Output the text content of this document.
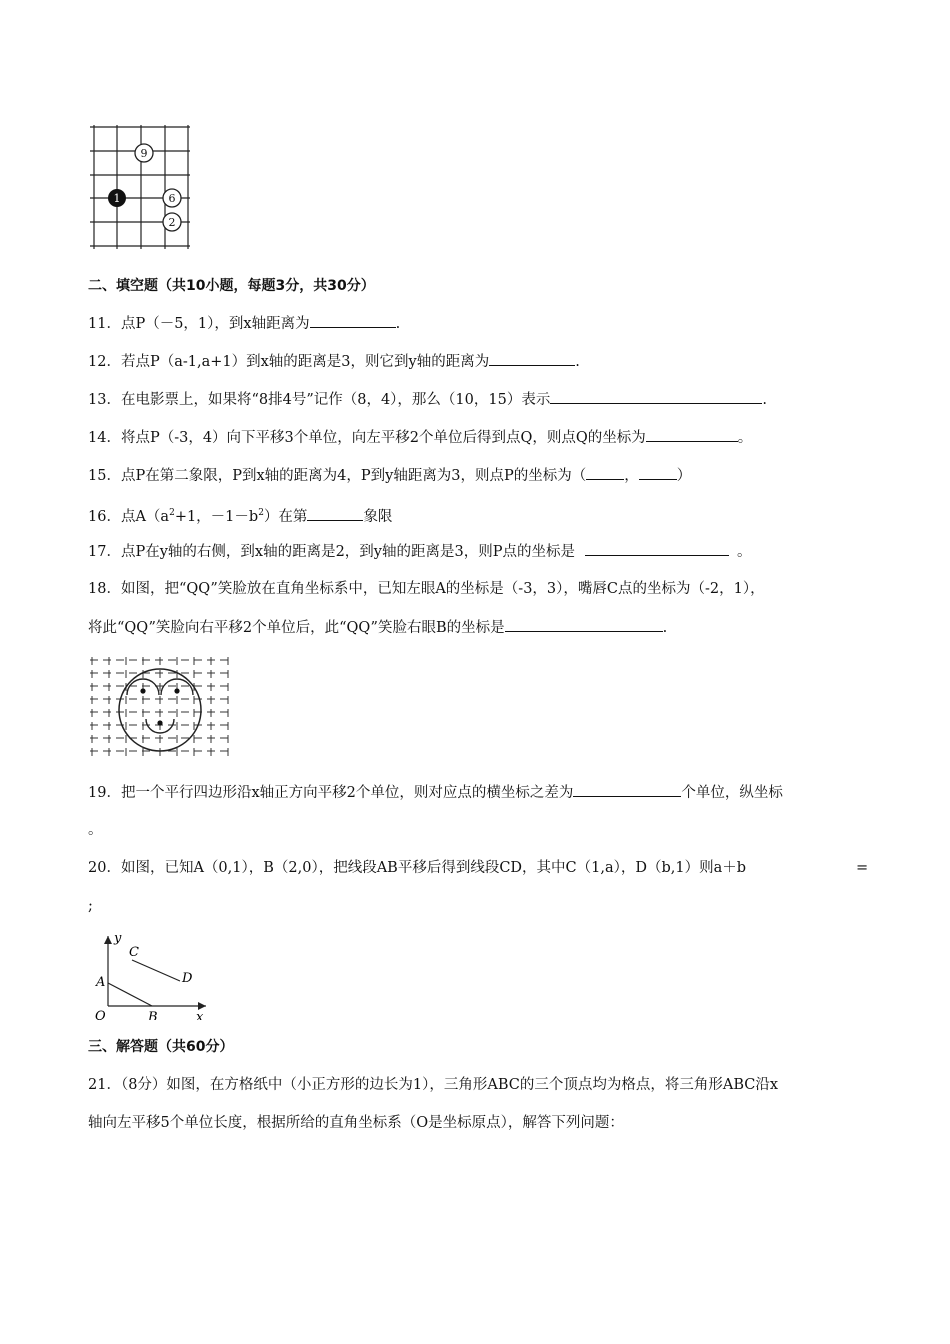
1
9
6
2
二、填空题（共10小题，每题3分，共30分）
11．点P（－5，1），到x轴距离为	.
12．若点P（a-1,a+1）到x轴的距离是3，则它到y轴的距离为	.
13．在电影票上，如果将“8排4号”记作（8，4），那么（10，15）表示	.
14．将点P（-3，4）向下平移3个单位，向左平移2个单位后得到点Q，则点Q的坐标为	。
15．点P在第二象限，P到x轴的距离为4，P到y轴距离为3，则点P的坐标为（	，	）
16．点$A(a^2+1$，$-1-b^2$）在第	象限
17．点P在y轴的右侧，到x轴的距离是2，到y轴的距离是3，则P点的坐标是	。
18．如图，把“QQ”笑脸放在直角坐标系中，已知左眼A的坐标是（-3，3），嘴唇C点的坐标为（-2，1），
将此“QQ”笑脸向右平移2个单位后，此“QQ”笑脸右眼B的坐标是	.
19．把一个平行四边形沿x轴正方向平移2个单位，则对应点的横坐标之差为	个单位，纵坐标
。
20．如图，已知A（0,1），B（2,0），把线段AB平移后得到线段CD，其中C（1,a），D（b,1）则a＋b	=
;
y
x
O
A
B
C
D
三、解答题（共60分）
21．（8分）如图，在方格纸中（小正方形的边长为1），三角形ABC的三个顶点均为格点，将三角形ABC沿x
轴向左平移5个单位长度，根据所给的直角坐标系（O是坐标原点），解答下列问题：
